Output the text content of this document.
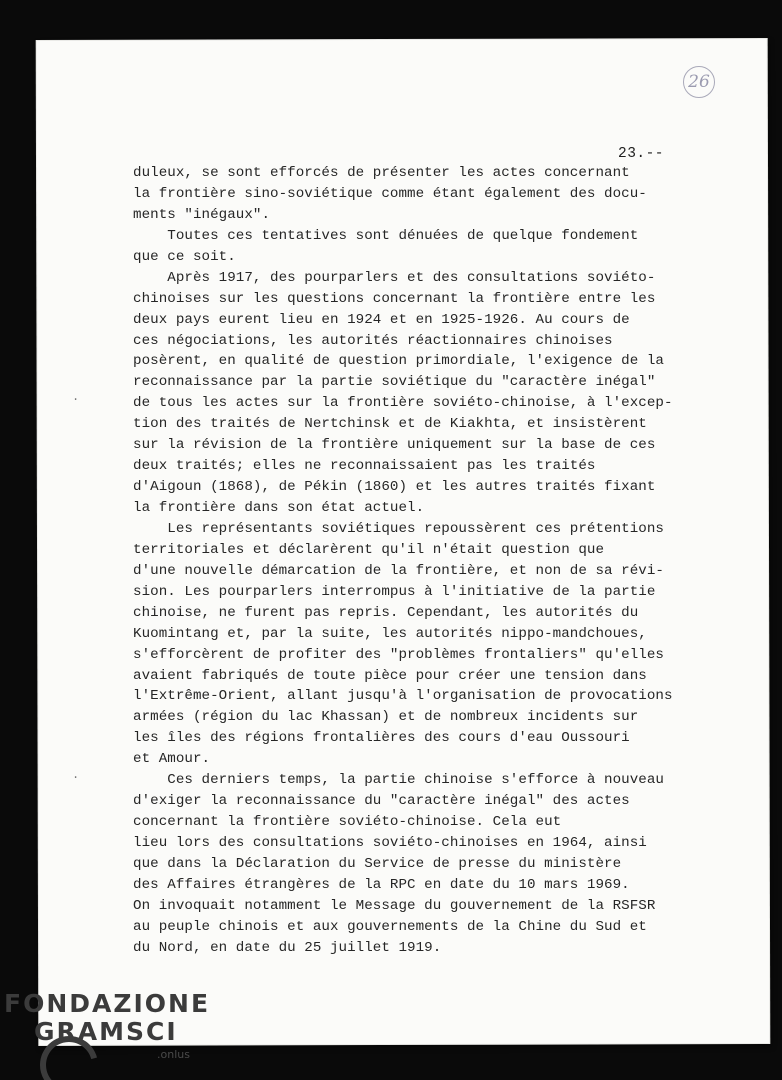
26
23.--
duleux, se sont efforcés de présenter les actes concernant
la frontière sino-soviétique comme étant également des docu-
ments "inégaux".
Toutes ces tentatives sont dénuées de quelque fondement
que ce soit.
Après 1917, des pourparlers et des consultations soviéto-
chinoises sur les questions concernant la frontière entre les
deux pays eurent lieu en 1924 et en 1925-1926. Au cours de
ces négociations, les autorités réactionnaires chinoises
posèrent, en qualité de question primordiale, l'exigence de la
reconnaissance par la partie soviétique du "caractère inégal"
de tous les actes sur la frontière soviéto-chinoise, à l'excep-
tion des traités de Nertchinsk et de Kiakhta, et insistèrent
sur la révision de la frontière uniquement sur la base de ces
deux traités; elles ne reconnaissaient pas les traités
d'Aigoun (1868), de Pékin (1860) et les autres traités fixant
la frontière dans son état actuel.
Les représentants soviétiques repoussèrent ces prétentions
territoriales et déclarèrent qu'il n'était question que
d'une nouvelle démarcation de la frontière, et non de sa révi-
sion. Les pourparlers interrompus à l'initiative de la partie
chinoise, ne furent pas repris. Cependant, les autorités du
Kuomintang et, par la suite, les autorités nippo-mandchoues,
s'efforcèrent de profiter des "problèmes frontaliers" qu'elles
avaient fabriqués de toute pièce pour créer une tension dans
l'Extrême-Orient, allant jusqu'à l'organisation de provocations
armées (région du lac Khassan) et de nombreux incidents sur
les îles des régions frontalières des cours d'eau Oussouri
et Amour.
Ces derniers temps, la partie chinoise s'efforce à nouveau
d'exiger la reconnaissance du "caractère inégal" des actes
concernant la frontière soviéto-chinoise. Cela eut
lieu lors des consultations soviéto-chinoises en 1964, ainsi
que dans la Déclaration du Service de presse du ministère
des Affaires étrangères de la RPC en date du 10 mars 1969.
On invoquait notamment le Message du gouvernement de la RSFSR
au peuple chinois et aux gouvernements de la Chine du Sud et
du Nord, en date du 25 juillet 1919.
.
.
FONDAZIONE
GRAMSCI
.onlus
